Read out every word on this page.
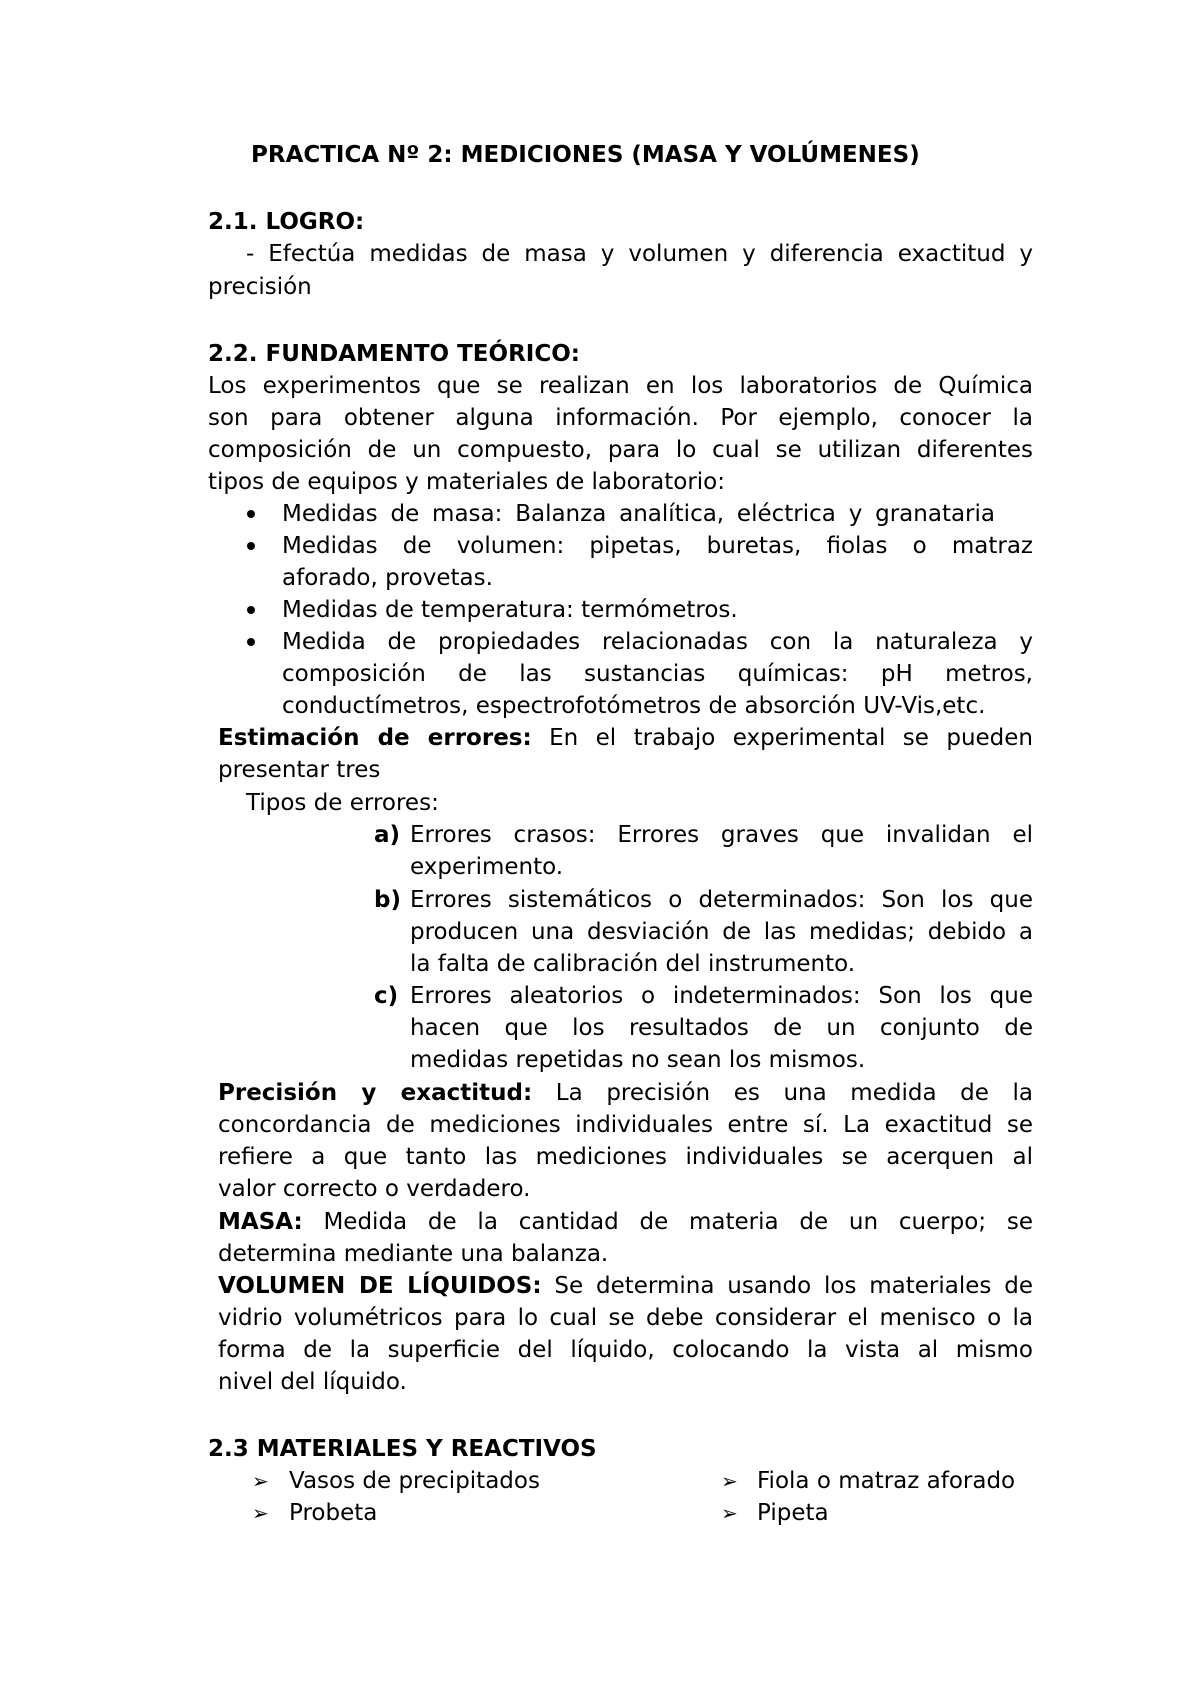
PRACTICA Nº 2: MEDICIONES (MASA Y VOLÚMENES)
2.1. LOGRO:
- Efectúa medidas de masa y volumen y diferencia exactitud y
precisión
2.2. FUNDAMENTO TEÓRICO:
Los experimentos que se realizan en los laboratorios de Química
son para obtener alguna información. Por ejemplo, conocer la
composición de un compuesto, para lo cual se utilizan diferentes
tipos de equipos y materiales de laboratorio:
Medidas de masa: Balanza analítica, eléctrica y granataria
Medidas de volumen: pipetas, buretas, fiolas o matraz
aforado, provetas.
Medidas de temperatura: termómetros.
Medida de propiedades relacionadas con la naturaleza y
composición de las sustancias químicas: pH metros,
conductímetros, espectrofotómetros de absorción UV-Vis,etc.
Estimación de errores: En el trabajo experimental se pueden
presentar tres
Tipos de errores:
a) Errores crasos: Errores graves que invalidan el
experimento.
b) Errores sistemáticos o determinados: Son los que
producen una desviación de las medidas; debido a
la falta de calibración del instrumento.
c) Errores aleatorios o indeterminados: Son los que
hacen que los resultados de un conjunto de
medidas repetidas no sean los mismos.
Precisión y exactitud: La precisión es una medida de la
concordancia de mediciones individuales entre sí. La exactitud se
refiere a que tanto las mediciones individuales se acerquen al
valor correcto o verdadero.
MASA: Medida de la cantidad de materia de un cuerpo; se
determina mediante una balanza.
VOLUMEN DE LÍQUIDOS: Se determina usando los materiales de
vidrio volumétricos para lo cual se debe considerar el menisco o la
forma de la superficie del líquido, colocando la vista al mismo
nivel del líquido.
2.3 MATERIALES Y REACTIVOS
➢ Vasos de precipitados
➢ Probeta
➢ Fiola o matraz aforado
➢ Pipeta
